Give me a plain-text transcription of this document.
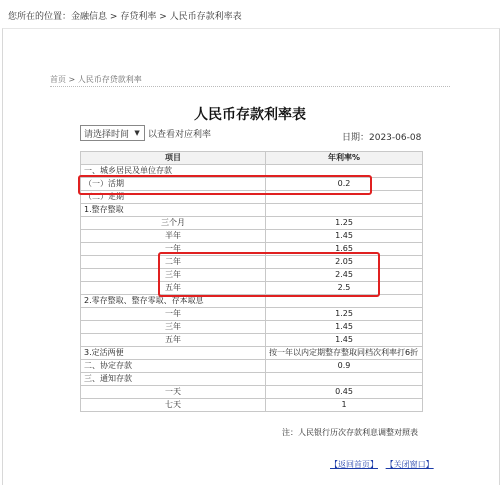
您所在的位置：金融信息 > 存贷利率 > 人民币存款利率表
首页 > 人民币存贷款利率
人民币存款利率表
请选择时间 ▼ 以查看对应利率	日期：2023-06-08
项目	年利率%
一、城乡居民及单位存款	
（一）活期	0.2
（二）定期	
1.整存整取	
三个月	1.25
半年	1.45
一年	1.65
二年	2.05
三年	2.45
五年	2.5
2.零存整取、整存零取、存本取息	
一年	1.25
三年	1.45
五年	1.45
3.定活两便	按一年以内定期整存整取同档次利率打6折
二、协定存款	0.9
三、通知存款	
一天	0.45
七天	1
注：人民银行历次存款利息调整对照表
【返回首页】 【关闭窗口】
